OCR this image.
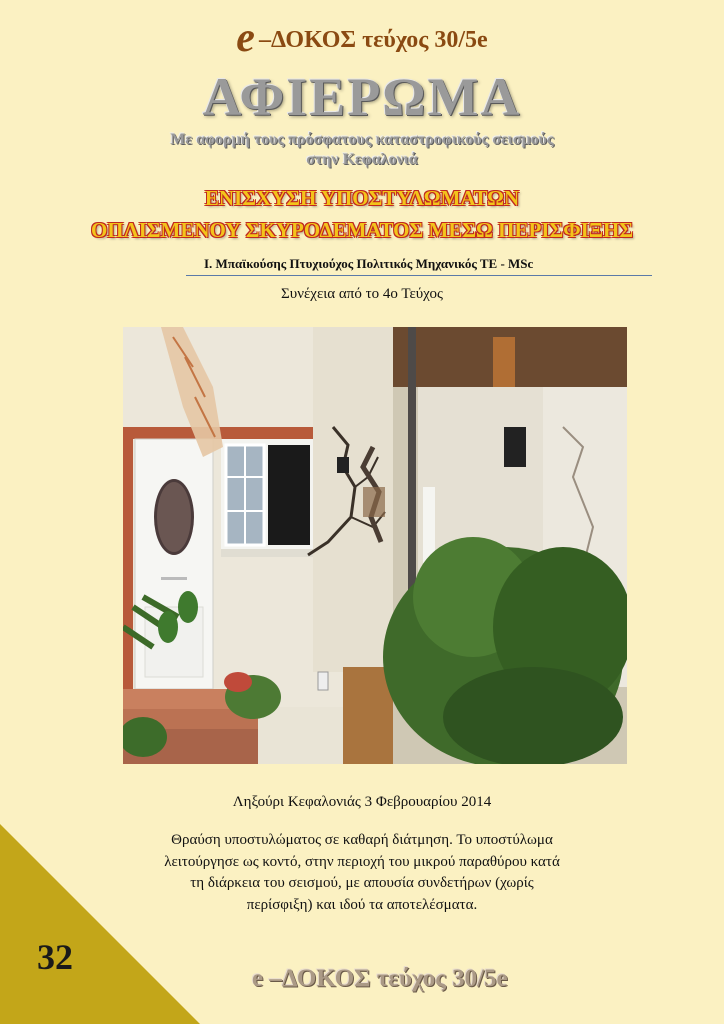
e –ΔΟΚΟΣ τεύχος 30/5e
ΑΦΙΕΡΩΜΑ
Με αφορμή τους πρόσφατους καταστροφικούς σεισμούς
στην Κεφαλονιά
ΕΝΙΣΧΥΣΗ ΥΠΟΣΤΥΛΩΜΑΤΩΝ
ΟΠΛΙΣΜΕΝΟΥ ΣΚΥΡΟΔΕΜΑΤΟΣ ΜΕΣΩ ΠΕΡΙΣΦΙΞΗΣ
Ι. Μπαϊκούσης Πτυχιούχος Πολιτικός Μηχανικός ΤΕ - MSc
Συνέχεια από το 4ο Τεύχος
Ληξούρι Κεφαλονιάς 3 Φεβρουαρίου 2014
Θραύση υποστυλώματος σε καθαρή διάτμηση. Το υποστύλωμα
λειτούργησε ως κοντό, στην περιοχή του μικρού παραθύρου κατά
τη διάρκεια του σεισμού, με απουσία συνδετήρων (χωρίς
περίσφιξη) και ιδού τα αποτελέσματα.
32
e –ΔΟΚΟΣ τεύχος 30/5e
